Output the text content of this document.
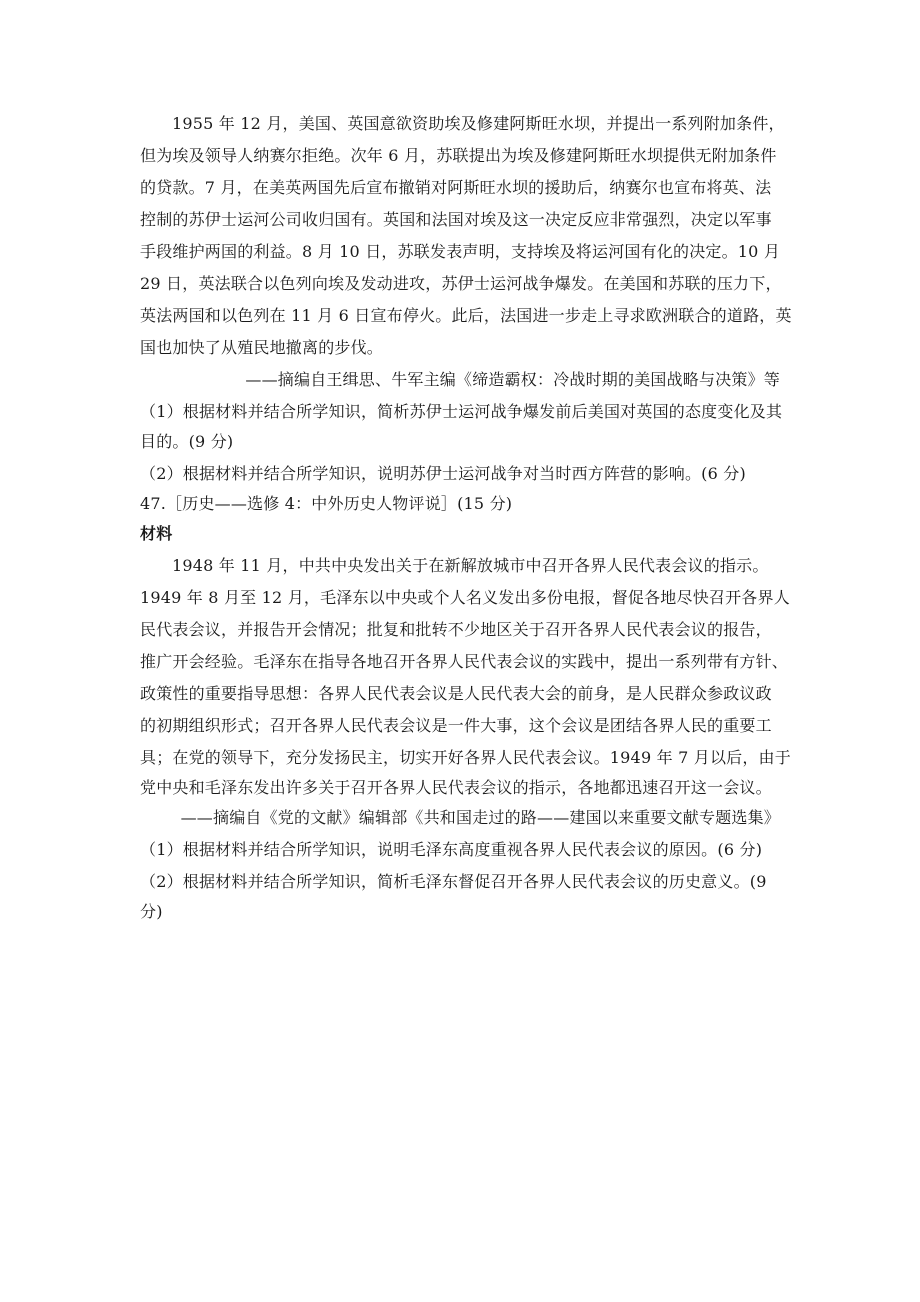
1955 年 12 月，美国、英国意欲资助埃及修建阿斯旺水坝，并提出一系列附加条件，
但为埃及领导人纳赛尔拒绝。次年 6 月，苏联提出为埃及修建阿斯旺水坝提供无附加条件
的贷款。7 月，在美英两国先后宣布撤销对阿斯旺水坝的援助后，纳赛尔也宣布将英、法
控制的苏伊士运河公司收归国有。英国和法国对埃及这一决定反应非常强烈，决定以军事
手段维护两国的利益。8 月 10 日，苏联发表声明，支持埃及将运河国有化的决定。10 月
29 日，英法联合以色列向埃及发动进攻，苏伊士运河战争爆发。在美国和苏联的压力下，
英法两国和以色列在 11 月 6 日宣布停火。此后，法国进一步走上寻求欧洲联合的道路，英
国也加快了从殖民地撤离的步伐。
——摘编自王缉思、牛军主编《缔造霸权：冷战时期的美国战略与决策》等
（1）根据材料并结合所学知识，简析苏伊士运河战争爆发前后美国对英国的态度变化及其
目的。(9 分)
（2）根据材料并结合所学知识，说明苏伊士运河战争对当时西方阵营的影响。(6 分)
47.［历史——选修 4：中外历史人物评说］(15 分)
材料
1948 年 11 月，中共中央发出关于在新解放城市中召开各界人民代表会议的指示。
1949 年 8 月至 12 月，毛泽东以中央或个人名义发出多份电报，督促各地尽快召开各界人
民代表会议，并报告开会情况；批复和批转不少地区关于召开各界人民代表会议的报告，
推广开会经验。毛泽东在指导各地召开各界人民代表会议的实践中，提出一系列带有方针、
政策性的重要指导思想：各界人民代表会议是人民代表大会的前身，是人民群众参政议政
的初期组织形式；召开各界人民代表会议是一件大事，这个会议是团结各界人民的重要工
具；在党的领导下，充分发扬民主，切实开好各界人民代表会议。1949 年 7 月以后，由于
党中央和毛泽东发出许多关于召开各界人民代表会议的指示，各地都迅速召开这一会议。
——摘编自《党的文献》编辑部《共和国走过的路——建国以来重要文献专题选集》
（1）根据材料并结合所学知识，说明毛泽东高度重视各界人民代表会议的原因。(6 分)
（2）根据材料并结合所学知识，简析毛泽东督促召开各界人民代表会议的历史意义。(9
分)
